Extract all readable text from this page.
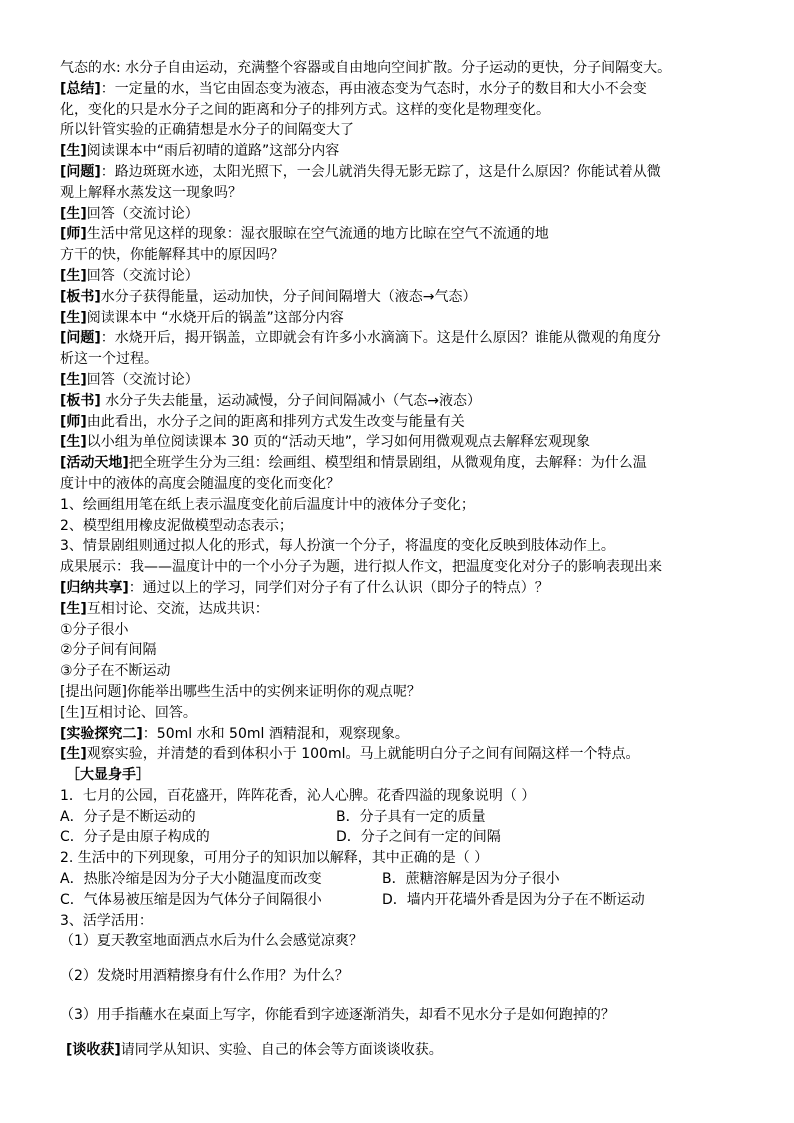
气态的水: 水分子自由运动，充满整个容器或自由地向空间扩散。分子运动的更快，分子间隔变大。
[总结]：一定量的水，当它由固态变为液态，再由液态变为气态时，水分子的数目和大小不会变
化，变化的只是水分子之间的距离和分子的排列方式。这样的变化是物理变化。
所以针管实验的正确猜想是水分子的间隔变大了
[生]阅读课本中“雨后初晴的道路”这部分内容
[问题]：路边斑斑水迹，太阳光照下，一会儿就消失得无影无踪了，这是什么原因？你能试着从微
观上解释水蒸发这一现象吗？
[生]回答（交流讨论）
[师]生活中常见这样的现象：湿衣服晾在空气流通的地方比晾在空气不流通的地
方干的快，你能解释其中的原因吗？
[生]回答（交流讨论）
[板书]水分子获得能量，运动加快，分子间间隔增大（液态→气态）
[生]阅读课本中 “水烧开后的锅盖”这部分内容
[问题]：水烧开后，揭开锅盖，立即就会有许多小水滴滴下。这是什么原因？谁能从微观的角度分
析这一个过程。
[生]回答（交流讨论）
[板书] 水分子失去能量，运动减慢，分子间间隔减小（气态→液态）
[师]由此看出，水分子之间的距离和排列方式发生改变与能量有关
[生]以小组为单位阅读课本 30 页的“活动天地”，学习如何用微观观点去解释宏观现象
[活动天地]把全班学生分为三组：绘画组、模型组和情景剧组，从微观角度，去解释：为什么温
度计中的液体的高度会随温度的变化而变化？
1、绘画组用笔在纸上表示温度变化前后温度计中的液体分子变化；
2、模型组用橡皮泥做模型动态表示；
3、情景剧组则通过拟人化的形式，每人扮演一个分子，将温度的变化反映到肢体动作上。
成果展示：我——温度计中的一个小分子为题，进行拟人作文，把温度变化对分子的影响表现出来
[归纳共享]：通过以上的学习，同学们对分子有了什么认识（即分子的特点）？
[生]互相讨论、交流，达成共识：
①分子很小
②分子间有间隔
③分子在不断运动
[提出问题]你能举出哪些生活中的实例来证明你的观点呢？
[生]互相讨论、回答。
[实验探究二]：50ml 水和 50ml 酒精混和，观察现象。
[生]观察实验，并清楚的看到体积小于 100ml。马上就能明白分子之间有间隔这样一个特点。
［大显身手］
1．七月的公园，百花盛开，阵阵花香，沁人心脾。花香四溢的现象说明（ ）
A．分子是不断运动的	B．分子具有一定的质量
C．分子是由原子构成的	D．分子之间有一定的间隔
2. 生活中的下列现象，可用分子的知识加以解释，其中正确的是（ ）
A．热胀冷缩是因为分子大小随温度而改变	B．蔗糖溶解是因为分子很小
C．气体易被压缩是因为气体分子间隔很小	D．墙内开花墙外香是因为分子在不断运动
3、活学活用：
（1）夏天教室地面洒点水后为什么会感觉凉爽？
（2）发烧时用酒精擦身有什么作用？为什么？
（3）用手指蘸水在桌面上写字，你能看到字迹逐渐消失，却看不见水分子是如何跑掉的？
[谈收获]请同学从知识、实验、自己的体会等方面谈谈收获。
